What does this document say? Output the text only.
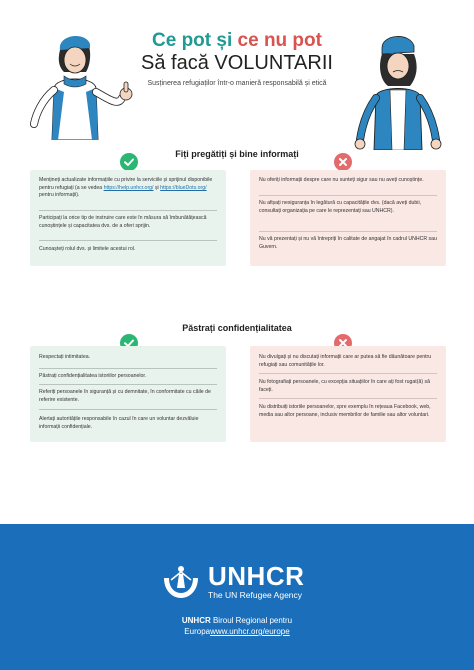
Ce pot și ce nu pot
Să facă VOLUNTARII
Susținerea refugiaților într-o manieră responsabilă și etică
Fiți pregătiți și bine informați
Mențineți actualizate informațiile cu privire la serviciile și sprijinul disponibile pentru refugiați (a se vedea https://help.unhcr.org/ și https://blueDots.org/ pentru informații).
Participați la orice tip de instruire care este în măsura să îmbunătățească cunoștințele și capacitatea dvs. de a oferi sprijin.
Cunoașteți rolul dvs. și limitele acestui rol.
Nu oferiți informații despre care nu sunteți sigur sau nu aveți cunoștințe.
Nu afișați nesiguranța în legătură cu capacitățile dvs. (dacă aveți dubii, consultați organizația pe care le reprezentați sau UNHCR).
Nu vă prezentați și nu vă întrepriți în calitate de angajat în cadrul UNHCR sau Guvern.
Păstrați confidențialitatea
Respectați intimitatea.
Păstrați confidențialitatea istoriilor persoanelor.
Referiți persoanele în siguranță și cu demnitate, în conformitate cu căile de referire existente.
Alertați autoritățile responsabile în cazul în care un voluntar dezvăluie informații confidențiale.
Nu divulgați și nu discutați informații care ar putea să fie dăunătoare pentru refugiați sau comunitățile lor.
Nu fotografiați persoanele, cu excepția situațiilor în care ați fost rugat(ă) să faceți.
Nu distribuiți istoriile persoanelor, spre exemplu în rețeaua Facebook, web, media sau altor persoane, inclusiv membrilor de familie sau altor voluntari.
UNHCR
The UN Refugee Agency
UNHCR Biroul Regional pentru
Europawww.unhcr.org/europe
